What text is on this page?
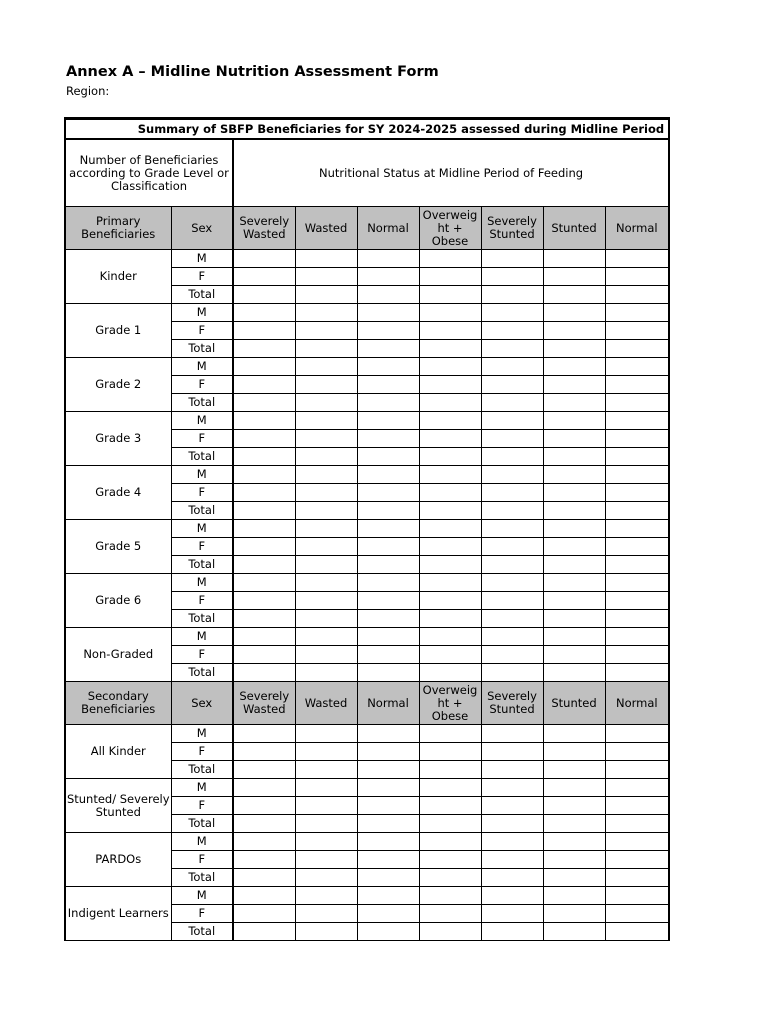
Annex A – Midline Nutrition Assessment Form
Region:
Summary of SBFP Beneficiaries for SY 2024-2025 assessed during Midline Period								
Number of Beneficiaries according to Grade Level or Classification		Nutritional Status at Midline Period of Feeding						
Primary Beneficiaries	Sex	Severely Wasted	Wasted	Normal	Overweig ht + Obese	Severely Stunted	Stunted	Normal
Kinder	M							
	F							
	Total							
Grade 1	M							
	F							
	Total							
Grade 2	M							
	F							
	Total							
Grade 3	M							
	F							
	Total							
Grade 4	M							
	F							
	Total							
Grade 5	M							
	F							
	Total							
Grade 6	M							
	F							
	Total							
Non-Graded	M							
	F							
	Total							
Secondary Beneficiaries	Sex	Severely Wasted	Wasted	Normal	Overweig ht + Obese	Severely Stunted	Stunted	Normal
All Kinder	M							
	F							
	Total							
Stunted/ Severely Stunted	M							
	F							
	Total							
PARDOs	M							
	F							
	Total							
Indigent Learners	M							
	F							
	Total							
